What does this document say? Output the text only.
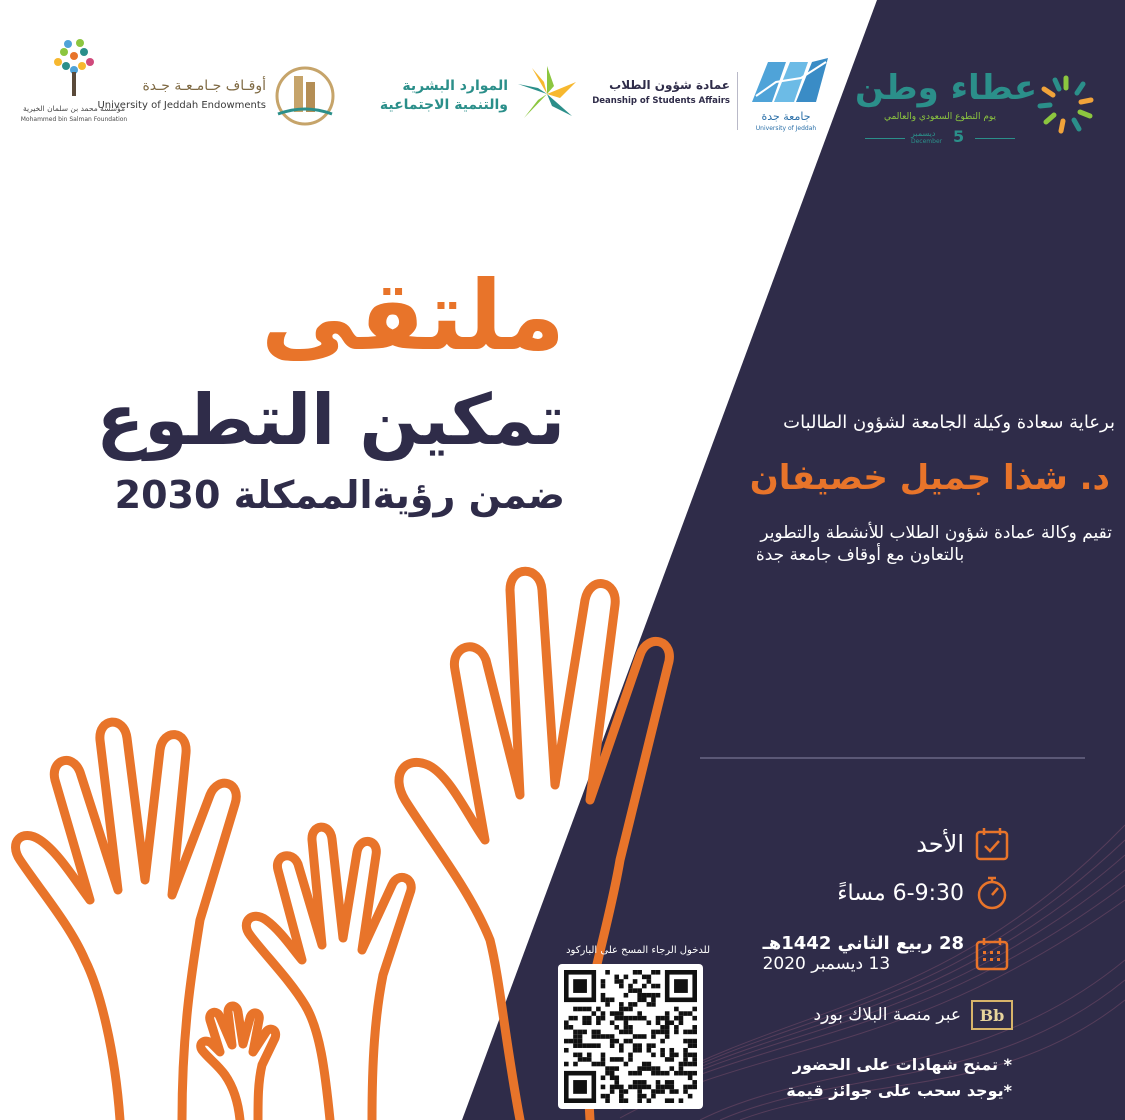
عطاء وطن
يوم التطوع السعودي والعالمي
ديسمبر
December 5
جامعة جدة
University of Jeddah
عمادة شؤون الطلاب
Deanship of Students Affairs
الموارد البشرية
والتنمية الاجتماعية
أوقـاف جـامـعـة جـدة
University of Jeddah Endowments
مؤسسة محمد بن سلمان الخيرية
Mohammed bin Salman Foundation
ملتقى
تمكين التطوع
ضمن رؤيةالممكلة 2030
برعاية سعادة وكيلة الجامعة لشؤون الطالبات
د. شذا جميل خصيفان
تقيم وكالة عمادة شؤون الطلاب للأنشطة والتطوير
بالتعاون مع أوقاف جامعة جدة
الأحد
6-9:30 مساءً
28 ربيع الثاني 1442هـ
13 ديسمبر 2020
Bb
عبر منصة البلاك بورد
* تمنح شهادات على الحضور
*يوجد سحب على جوائز قيمة
للدخول الرجاء المسح على الباركود
